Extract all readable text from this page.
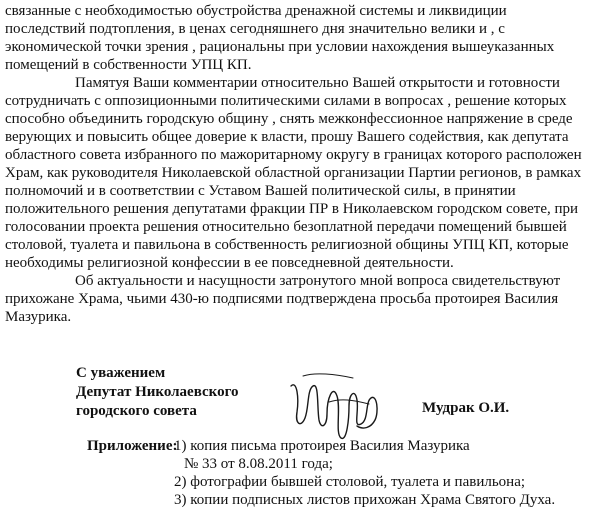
связанные с необходимостью обустройства дренажной системы и ликвидиции
последствий подтопления, в ценах сегодняшнего дня значительно велики и , с
экономической точки зрения , рациональны при условии нахождения вышеуказанных
помещений в собственности УПЦ КП.
Памятуя Ваши комментарии относительно Вашей открытости и готовности
сотрудничать с оппозиционными политическими силами в вопросах , решение которых
способно объединить городскую общину , снять межконфессионное напряжение в среде
верующих и повысить общее доверие к власти, прошу Вашего содействия, как депутата
областного совета избранного по мажоритарному округу в границах которого расположен
Храм, как руководителя Николаевской областной организации Партии регионов, в рамках
полномочий и в соответствии с Уставом Вашей политической силы, в принятии
положительного решения депутатами фракции ПР в Николаевском городском совете, при
голосовании проекта решения относительно безоплатной передачи помещений бывшей
столовой, туалета и павильона в собственность религиозной общины УПЦ КП, которые
необходимы религиозной конфессии в ее повседневной деятельности.
Об актуальности и насущности затронутого мной вопроса свидетельствуют
прихожане Храма, чьими 430-ю подписями подтверждена просьба протоирея Василия
Мазурика.
С уважением
Депутат Николаевского
городского совета	Мудрак О.И.
Приложение:
1) копия письма протоирея Василия Мазурика
№ 33 от 8.08.2011 года;
2) фотографии бывшей столовой, туалета и павильона;
3) копии подписных листов прихожан Храма Святого Духа.
